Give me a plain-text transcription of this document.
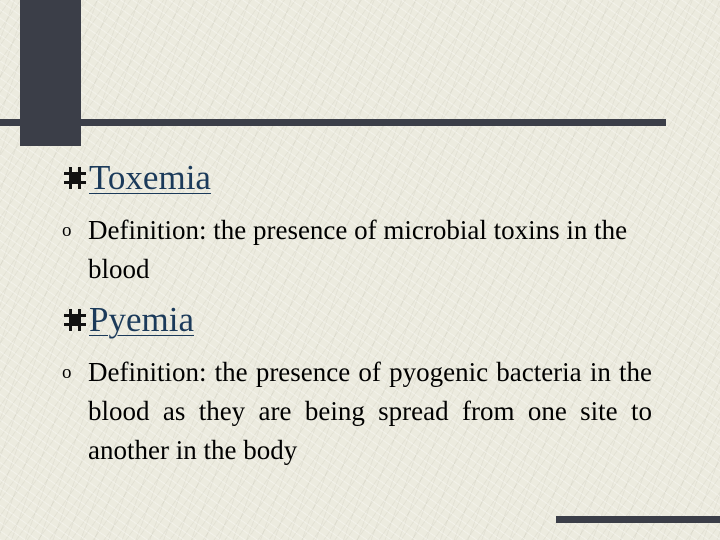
Toxemia
o Definition: the presence of microbial toxins in the blood
Pyemia
o Definition: the presence of pyogenic bacteria in the blood as they are being spread from one site to another in the body
